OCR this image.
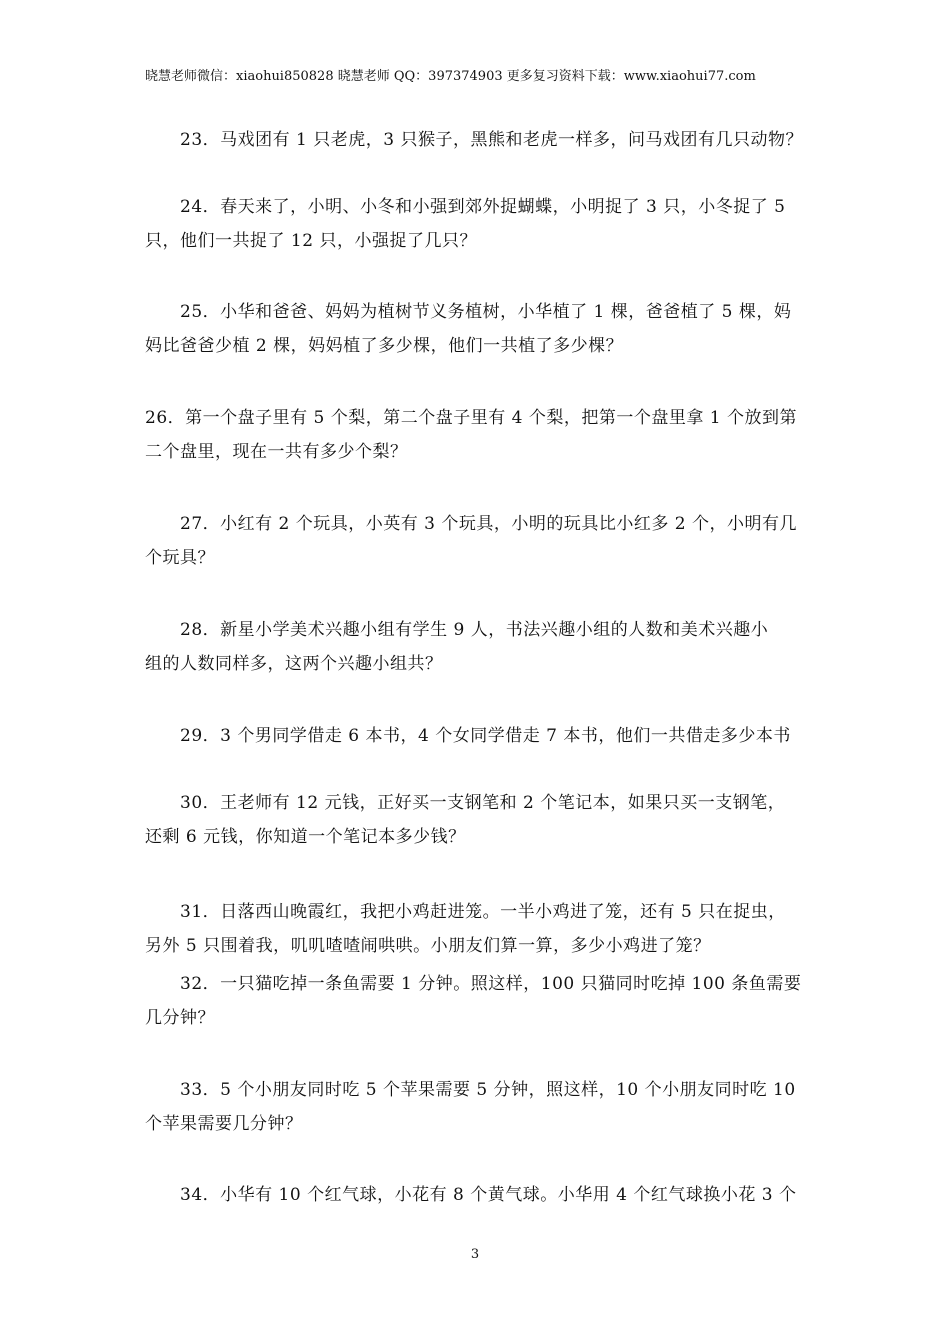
晓慧老师微信：xiaohui850828 晓慧老师 QQ：397374903 更多复习资料下载：www.xiaohui77.com

23．马戏团有 1 只老虎，3 只猴子，黑熊和老虎一样多，问马戏团有几只动物？

24．春天来了，小明、小冬和小强到郊外捉蝴蝶，小明捉了 3 只，小冬捉了 5
只，他们一共捉了 12 只，小强捉了几只？

25．小华和爸爸、妈妈为植树节义务植树，小华植了 1 棵，爸爸植了 5 棵，妈
妈比爸爸少植 2 棵，妈妈植了多少棵，他们一共植了多少棵？

26．第一个盘子里有 5 个梨，第二个盘子里有 4 个梨，把第一个盘里拿 1 个放到第
二个盘里，现在一共有多少个梨？

27．小红有 2 个玩具，小英有 3 个玩具，小明的玩具比小红多 2 个，小明有几
个玩具？

28．新星小学美术兴趣小组有学生 9 人，书法兴趣小组的人数和美术兴趣小
组的人数同样多，这两个兴趣小组共？

29．3 个男同学借走 6 本书，4 个女同学借走 7 本书，他们一共借走多少本书

30．王老师有 12 元钱，正好买一支钢笔和 2 个笔记本，如果只买一支钢笔，
还剩 6 元钱，你知道一个笔记本多少钱？

31．日落西山晚霞红，我把小鸡赶进笼。一半小鸡进了笼，还有 5 只在捉虫，
另外 5 只围着我，叽叽喳喳闹哄哄。小朋友们算一算，多少小鸡进了笼？

32．一只猫吃掉一条鱼需要 1 分钟。照这样，100 只猫同时吃掉 100 条鱼需要
几分钟？

33．5 个小朋友同时吃 5 个苹果需要 5 分钟，照这样，10 个小朋友同时吃 10
个苹果需要几分钟？

34．小华有 10 个红气球，小花有 8 个黄气球。小华用 4 个红气球换小花 3 个

3
